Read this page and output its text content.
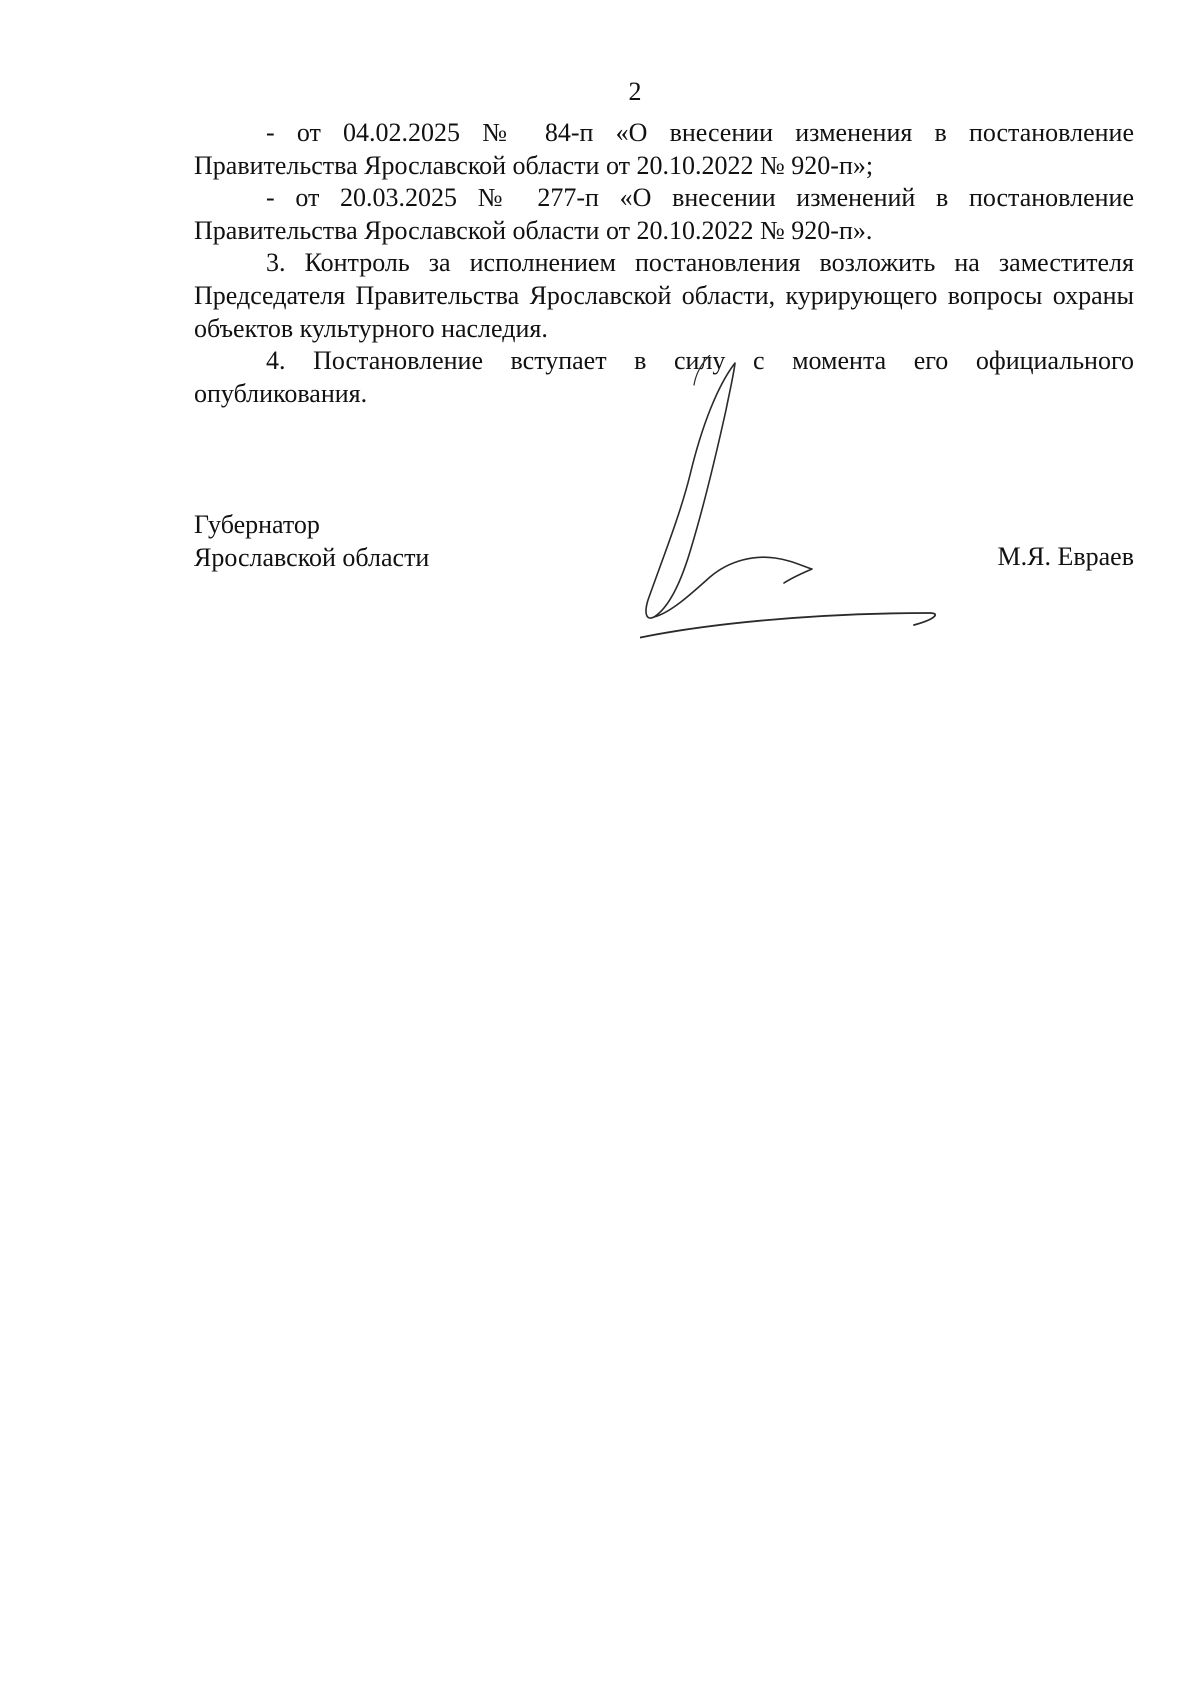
2

- от 04.02.2025 № 84-п «О внесении изменения в постановление Правительства Ярославской области от 20.10.2022 № 920-п»;

- от 20.03.2025 № 277-п «О внесении изменений в постановление Правительства Ярославской области от 20.10.2022 № 920-п».

3. Контроль за исполнением постановления возложить на заместителя Председателя Правительства Ярославской области, курирующего вопросы охраны объектов культурного наследия.

4. Постановление вступает в силу с момента его официального опубликования.

Губернатор
Ярославской области	М.Я. Евраев
